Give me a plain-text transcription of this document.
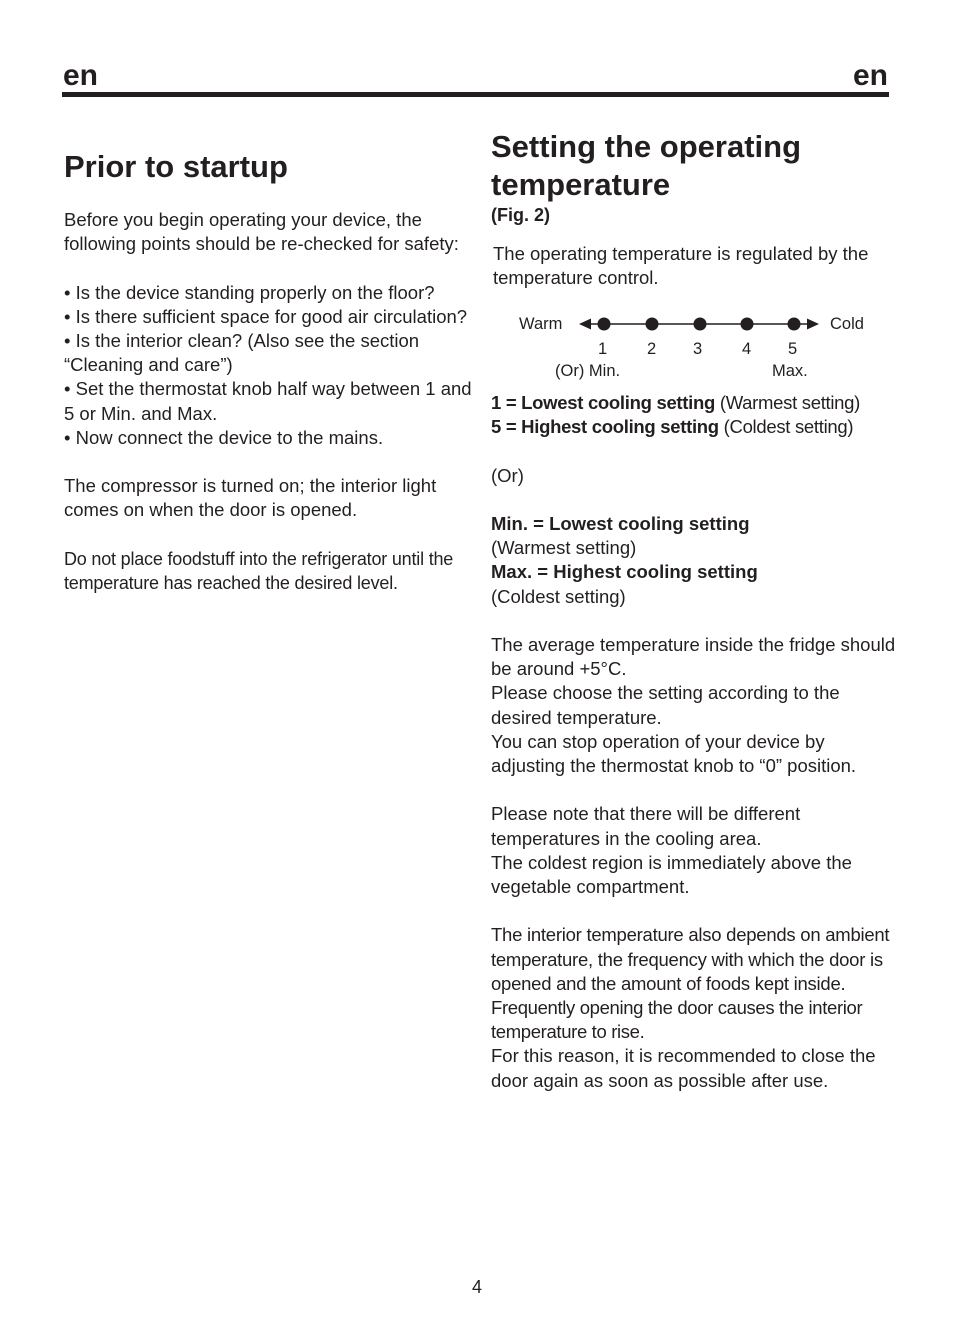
en	en
Prior to startup

Before you begin operating your device, the following points should be re-checked for safety:

• Is the device standing properly on the floor?
• Is there sufficient space for good air circulation?
• Is the interior clean? (Also see the section “Cleaning and care”)
• Set the thermostat knob half way between 1 and 5 or Min. and Max.
• Now connect the device to the mains.

The compressor is turned on; the interior light comes on when the door is opened.

Do not place foodstuff into the refrigerator until the temperature has reached the desired level.

Setting the operating temperature
(Fig. 2)

The operating temperature is regulated by the temperature control.

Warm	Cold
1 2 3 4 5
(Or) Min.	Max.
1 = Lowest cooling setting (Warmest setting)
5 = Highest cooling setting (Coldest setting)
(Or)
Min. = Lowest cooling setting
(Warmest setting)
Max. = Highest cooling setting
(Coldest setting)
The average temperature inside the fridge should be around +5°C.
Please choose the setting according to the desired temperature.
You can stop operation of your device by adjusting the thermostat knob to “0” position.
Please note that there will be different temperatures in the cooling area.
The coldest region is immediately above the vegetable compartment.
The interior temperature also depends on ambient temperature, the frequency with which the door is opened and the amount of foods kept inside.
Frequently opening the door causes the interior temperature to rise.
For this reason, it is recommended to close the door again as soon as possible after use.
4
